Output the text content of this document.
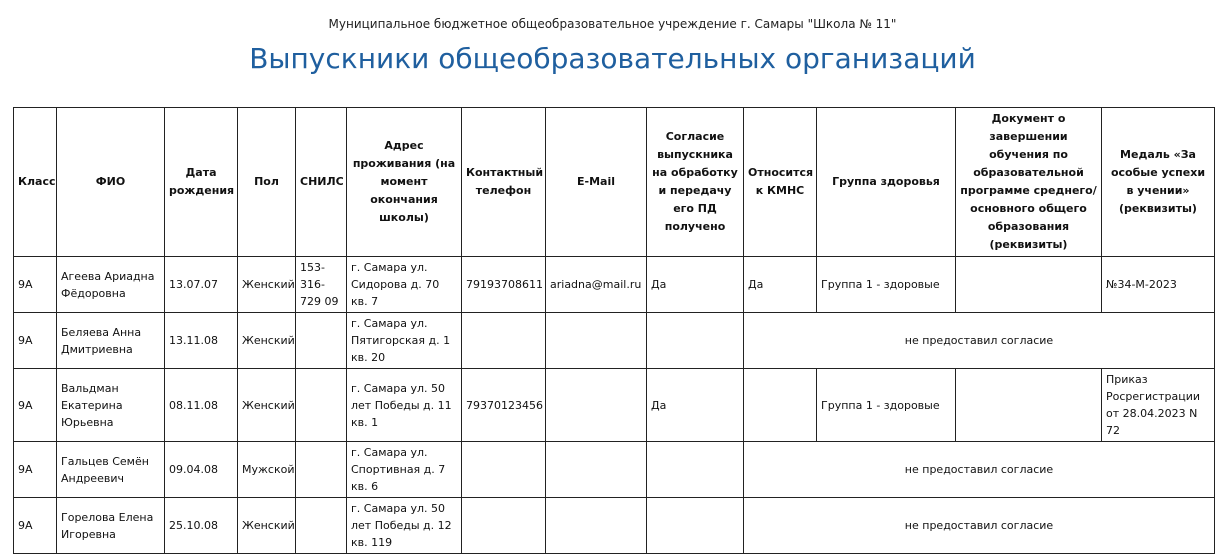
Муниципальное бюджетное общеобразовательное учреждение г. Самары "Школа № 11"
Выпускники общеобразовательных организаций
Класс	ФИО	Дата рождения	Пол	СНИЛС	Адрес проживания (на момент окончания школы)	Контактный телефон	E-Mail	Согласие выпускника на обработку и передачу его ПД получено	Относится к КМНС	Группа здоровья	Документ о завершении обучения по образовательной программе среднего/основного общего образования (реквизиты)	Медаль «За особые успехи в учении» (реквизиты)
9А	Агеева Ариадна Фёдоровна	13.07.07	Женский	153-316-729 09	г. Самара ул. Сидорова д. 70 кв. 7	79193708611	ariadna@mail.ru	Да	Да	Группа 1 - здоровые		№34-М-2023
9А	Беляева Анна Дмитриевна	13.11.08	Женский		г. Самара ул. Пятигорская д. 1 кв. 20				не предоставил согласие			
9А	Вальдман Екатерина Юрьевна	08.11.08	Женский		г. Самара ул. 50 лет Победы д. 11 кв. 1	79370123456		Да		Группа 1 - здоровые		Приказ Росрегистрации от 28.04.2023 N 72
9А	Гальцев Семён Андреевич	09.04.08	Мужской		г. Самара ул. Спортивная д. 7 кв. 6				не предоставил согласие			
9А	Горелова Елена Игоревна	25.10.08	Женский		г. Самара ул. 50 лет Победы д. 12 кв. 119				не предоставил согласие			
